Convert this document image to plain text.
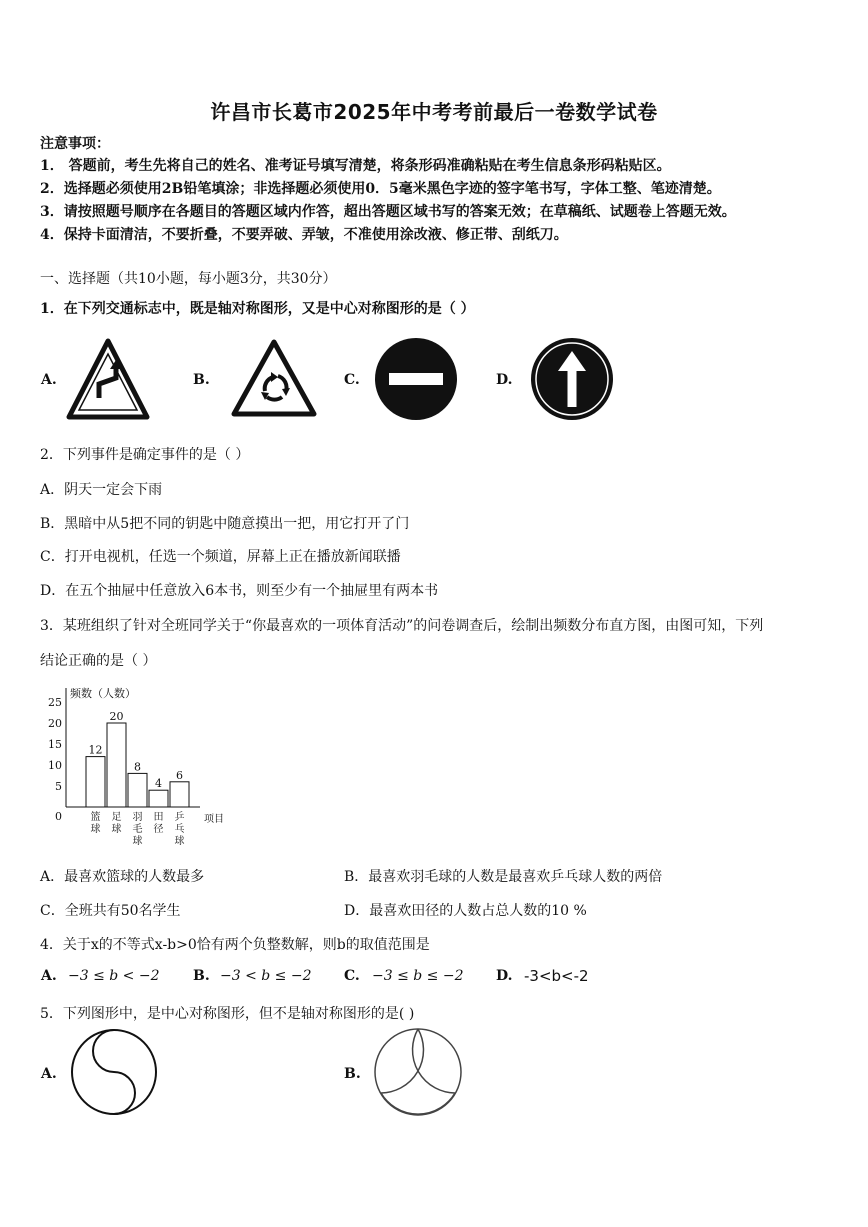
许昌市长葛市2025年中考考前最后一卷数学试卷
注意事项：
1． 答题前，考生先将自己的姓名、准考证号填写清楚，将条形码准确粘贴在考生信息条形码粘贴区。
2．选择题必须使用2B铅笔填涂；非选择题必须使用0．5毫米黑色字迹的签字笔书写，字体工整、笔迹清楚。
3．请按照题号顺序在各题目的答题区域内作答，超出答题区域书写的答案无效；在草稿纸、试题卷上答题无效。
4．保持卡面清洁，不要折叠，不要弄破、弄皱，不准使用涂改液、修正带、刮纸刀。
一、选择题（共10小题，每小题3分，共30分）
1．在下列交通标志中，既是轴对称图形，又是中心对称图形的是（ ）
A.	B.	C.	D.
2．下列事件是确定事件的是（ ）
A．阴天一定会下雨
B．黑暗中从5把不同的钥匙中随意摸出一把，用它打开了门
C．打开电视机，任选一个频道，屏幕上正在播放新闻联播
D．在五个抽屉中任意放入6本书，则至少有一个抽屉里有两本书
3．某班组织了针对全班同学关于“你最喜欢的一项体育活动”的问卷调查后，绘制出频数分布直方图，由图可知，下列
结论正确的是（ ）
频数（人数）
项目
0
5
10
15
20
25
12
篮
球
20
足
球
8
羽
毛
球
4
田
径
6
乒
乓
球
A．最喜欢篮球的人数最多	B．最喜欢羽毛球的人数是最喜欢乒乓球人数的两倍
C．全班共有50名学生	D．最喜欢田径的人数占总人数的10 %
4．关于x的不等式x-b>0恰有两个负整数解，则b的取值范围是
A. −3 ≤ b < −2 B. −3 < b ≤ −2 C. −3 ≤ b ≤ −2 D. -3<b<-2
5．下列图形中，是中心对称图形，但不是轴对称图形的是( )
A.	B.
